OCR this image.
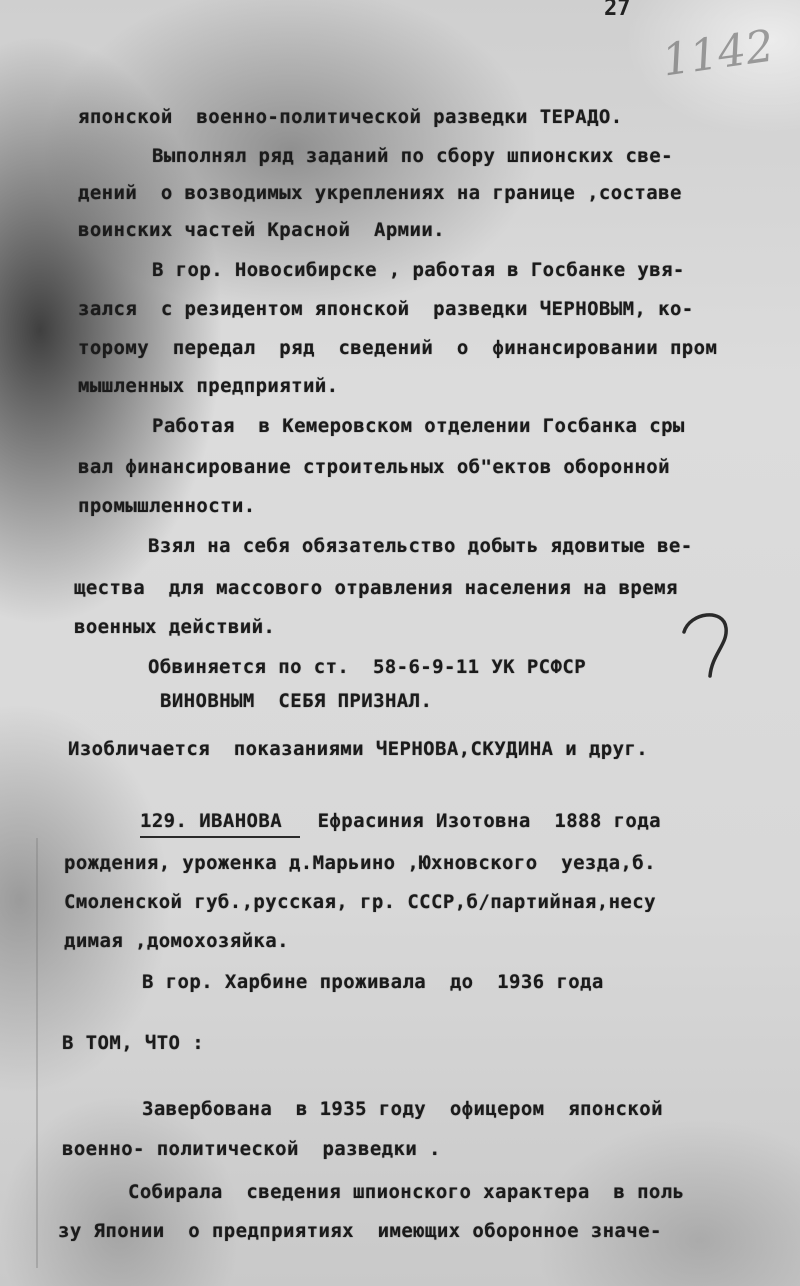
27
1142
японской  военно-политической разведки ТЕРАДО.
Выполнял ряд заданий по сбору шпионских све-
дений  о возводимых укреплениях на границе ,составе
воинских частей Красной  Армии.
В гор. Новосибирске , работая в Госбанке увя-
зался  с резидентом японской  разведки ЧЕРНОВЫМ, ко-
торому  передал  ряд  сведений  о  финансировании пром
мышленных предприятий.
Работая  в Кемеровском отделении Госбанка сры
вал финансирование строительных об"ектов оборонной
промышленности.
Взял на себя обязательство добыть ядовитые ве-
щества  для массового отравления населения на время
военных действий.
Обвиняется по ст.  58-6-9-11 УК РСФСР
ВИНОВНЫМ  СЕБЯ ПРИЗНАЛ.
Изобличается  показаниями ЧЕРНОВА,СКУДИНА и друг.
129. ИВАНОВА   Ефрасиния Изотовна  1888 года
рождения, уроженка д.Марьино ,Юхновского  уезда,б.
Смоленской губ.,русская, гр. СССР,б/партийная,несу
димая ,домохозяйка.
В гор. Харбине проживала  до  1936 года
В ТОМ, ЧТО :
Завербована  в 1935 году  офицером  японской
военно- политической  разведки .
Собирала  сведения шпионского характера  в поль
зу Японии  о предприятиях  имеющих оборонное значе-
